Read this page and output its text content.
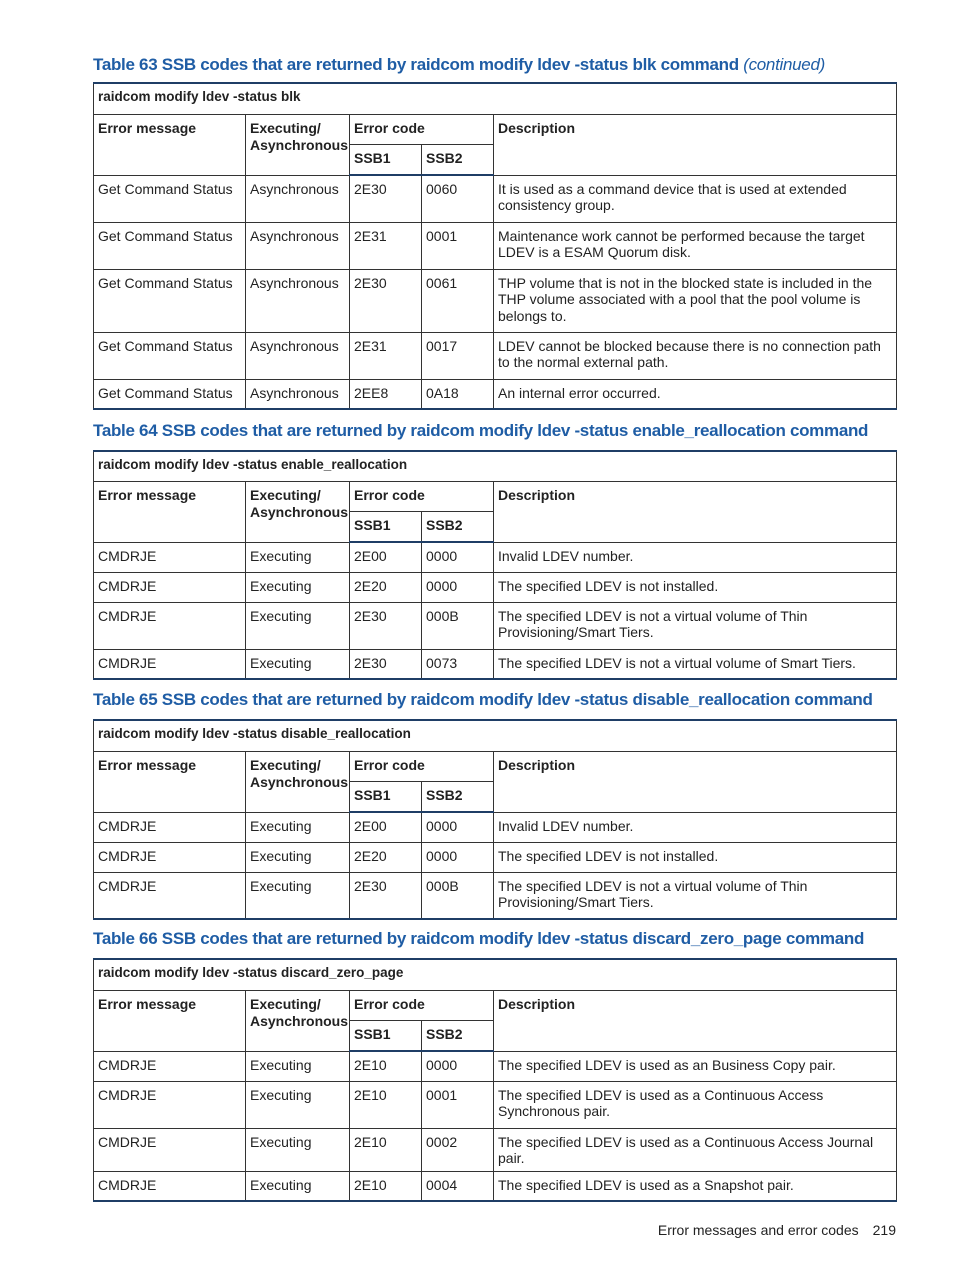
Table 63 SSB codes that are returned by raidcom modify ldev -status blk command (continued)
raidcom modify ldev -status blk				
Error message	Executing/ Asynchronous	Error code		Description
		SSB1	SSB2	
Get Command Status	Asynchronous	2E30	0060	It is used as a command device that is used at extended consistency group.
Get Command Status	Asynchronous	2E31	0001	Maintenance work cannot be performed because the target LDEV is a ESAM Quorum disk.
Get Command Status	Asynchronous	2E30	0061	THP volume that is not in the blocked state is included in the THP volume associated with a pool that the pool volume is belongs to.
Get Command Status	Asynchronous	2E31	0017	LDEV cannot be blocked because there is no connection path to the normal external path.
Get Command Status	Asynchronous	2EE8	0A18	An internal error occurred.
Table 64 SSB codes that are returned by raidcom modify ldev -status enable_reallocation command
raidcom modify ldev -status enable_reallocation				
Error message	Executing/ Asynchronous	Error code		Description
		SSB1	SSB2	
CMDRJE	Executing	2E00	0000	Invalid LDEV number.
CMDRJE	Executing	2E20	0000	The specified LDEV is not installed.
CMDRJE	Executing	2E30	000B	The specified LDEV is not a virtual volume of Thin Provisioning/Smart Tiers.
CMDRJE	Executing	2E30	0073	The specified LDEV is not a virtual volume of Smart Tiers.
Table 65 SSB codes that are returned by raidcom modify ldev -status disable_reallocation command
raidcom modify ldev -status disable_reallocation				
Error message	Executing/ Asynchronous	Error code		Description
		SSB1	SSB2	
CMDRJE	Executing	2E00	0000	Invalid LDEV number.
CMDRJE	Executing	2E20	0000	The specified LDEV is not installed.
CMDRJE	Executing	2E30	000B	The specified LDEV is not a virtual volume of Thin Provisioning/Smart Tiers.
Table 66 SSB codes that are returned by raidcom modify ldev -status discard_zero_page command
raidcom modify ldev -status discard_zero_page				
Error message	Executing/ Asynchronous	Error code		Description
		SSB1	SSB2	
CMDRJE	Executing	2E10	0000	The specified LDEV is used as an Business Copy pair.
CMDRJE	Executing	2E10	0001	The specified LDEV is used as a Continuous Access Synchronous pair.
CMDRJE	Executing	2E10	0002	The specified LDEV is used as a Continuous Access Journal pair.
CMDRJE	Executing	2E10	0004	The specified LDEV is used as a Snapshot pair.
Error messages and error codes 219
